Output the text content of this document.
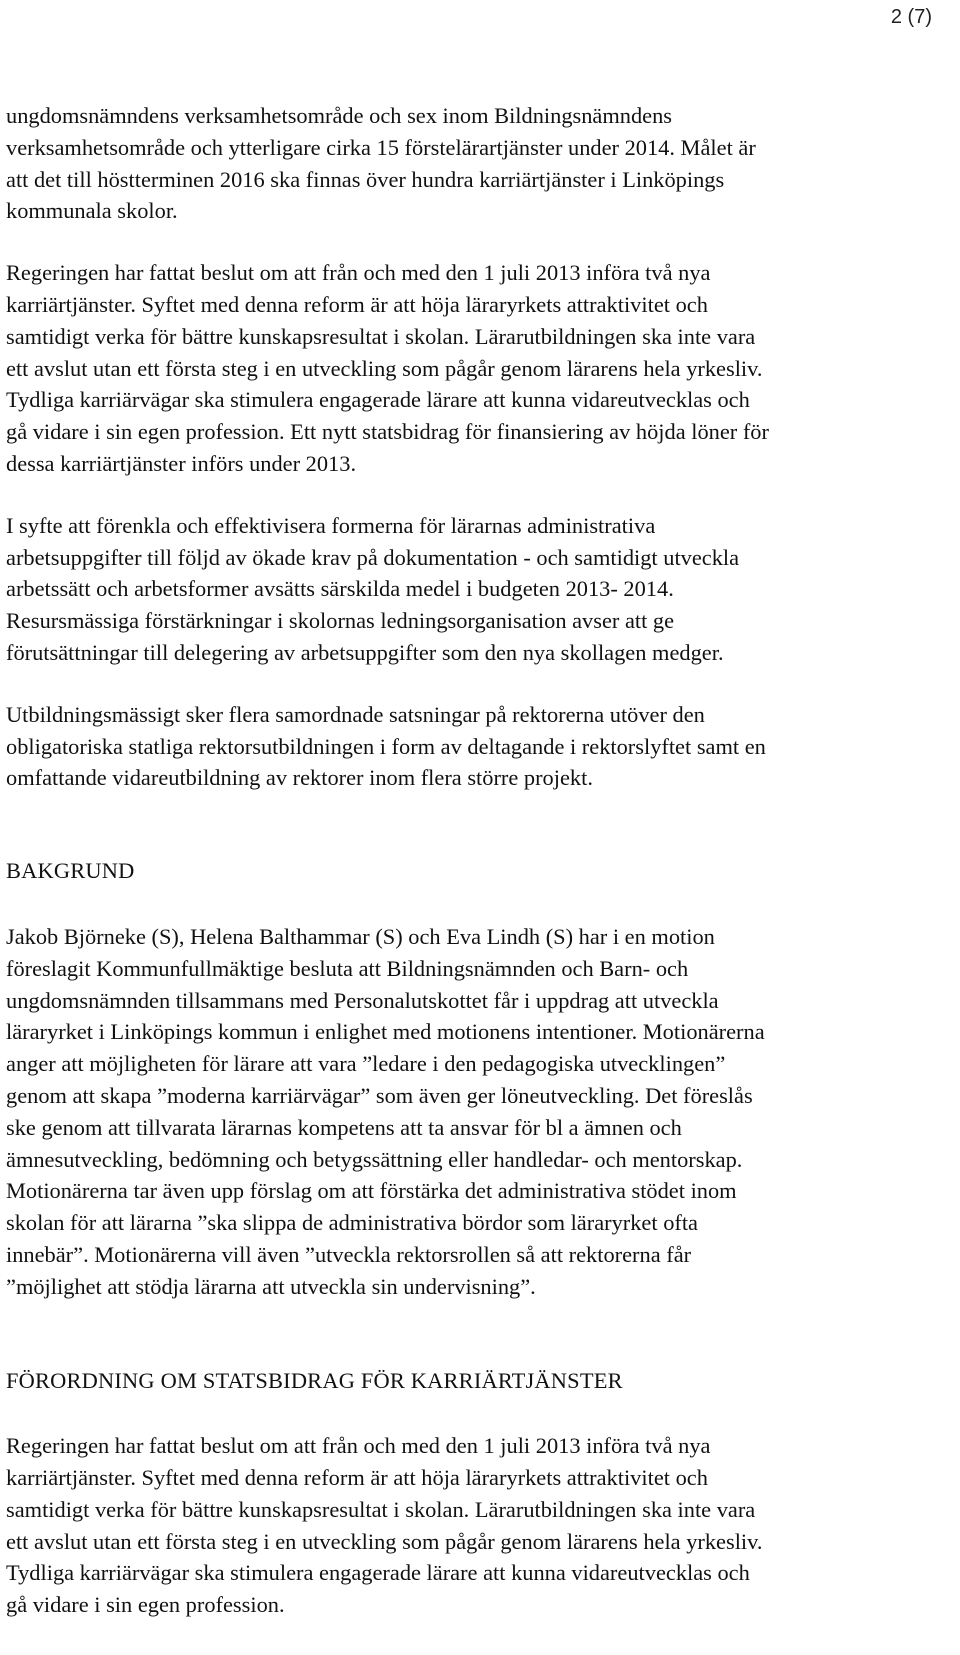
2 (7)

ungdomsnämndens verksamhetsområde och sex inom Bildningsnämndens
verksamhetsområde och ytterligare cirka 15 förstelärartjänster under 2014. Målet är
att det till höstterminen 2016 ska finnas över hundra karriärtjänster i Linköpings
kommunala skolor.

Regeringen har fattat beslut om att från och med den 1 juli 2013 införa två nya
karriärtjänster. Syftet med denna reform är att höja läraryrkets attraktivitet och
samtidigt verka för bättre kunskapsresultat i skolan. Lärarutbildningen ska inte vara
ett avslut utan ett första steg i en utveckling som pågår genom lärarens hela yrkesliv.
Tydliga karriärvägar ska stimulera engagerade lärare att kunna vidareutvecklas och
gå vidare i sin egen profession. Ett nytt statsbidrag för finansiering av höjda löner för
dessa karriärtjänster införs under 2013.

I syfte att förenkla och effektivisera formerna för lärarnas administrativa
arbetsuppgifter till följd av ökade krav på dokumentation - och samtidigt utveckla
arbetssätt och arbetsformer avsätts särskilda medel i budgeten 2013- 2014.
Resursmässiga förstärkningar i skolornas ledningsorganisation avser att ge
förutsättningar till delegering av arbetsuppgifter som den nya skollagen medger.

Utbildningsmässigt sker flera samordnade satsningar på rektorerna utöver den
obligatoriska statliga rektorsutbildningen i form av deltagande i rektorslyftet samt en
omfattande vidareutbildning av rektorer inom flera större projekt.

BAKGRUND

Jakob Björneke (S), Helena Balthammar (S) och Eva Lindh (S) har i en motion
föreslagit Kommunfullmäktige besluta att Bildningsnämnden och Barn- och
ungdomsnämnden tillsammans med Personalutskottet får i uppdrag att utveckla
läraryrket i Linköpings kommun i enlighet med motionens intentioner. Motionärerna
anger att möjligheten för lärare att vara ”ledare i den pedagogiska utvecklingen”
genom att skapa ”moderna karriärvägar” som även ger löneutveckling. Det föreslås
ske genom att tillvarata lärarnas kompetens att ta ansvar för bl a ämnen och
ämnesutveckling, bedömning och betygssättning eller handledar- och mentorskap.
Motionärerna tar även upp förslag om att förstärka det administrativa stödet inom
skolan för att lärarna ”ska slippa de administrativa bördor som läraryrket ofta
innebär”. Motionärerna vill även ”utveckla rektorsrollen så att rektorerna får
”möjlighet att stödja lärarna att utveckla sin undervisning”.

FÖRORDNING OM STATSBIDRAG FÖR KARRIÄRTJÄNSTER

Regeringen har fattat beslut om att från och med den 1 juli 2013 införa två nya
karriärtjänster. Syftet med denna reform är att höja läraryrkets attraktivitet och
samtidigt verka för bättre kunskapsresultat i skolan. Lärarutbildningen ska inte vara
ett avslut utan ett första steg i en utveckling som pågår genom lärarens hela yrkesliv.
Tydliga karriärvägar ska stimulera engagerade lärare att kunna vidareutvecklas och
gå vidare i sin egen profession.
